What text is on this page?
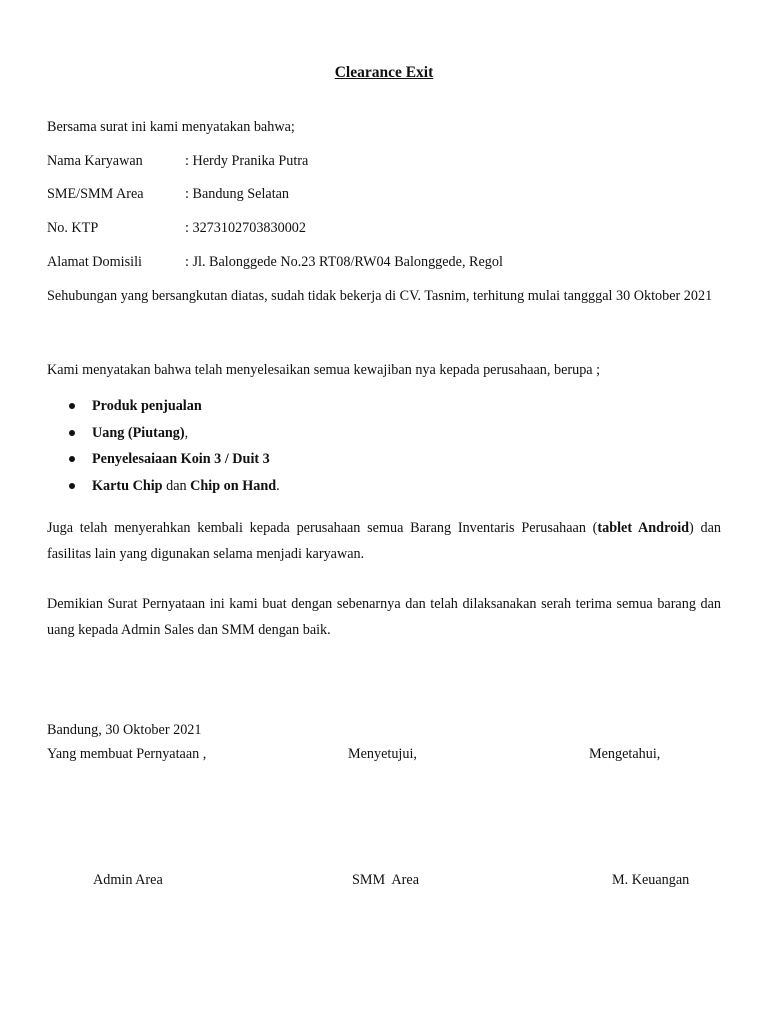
Clearance Exit
Bersama surat ini kami menyatakan bahwa;
Nama Karyawan	: Herdy Pranika Putra
SME/SMM Area	: Bandung Selatan
No. KTP	: 3273102703830002
Alamat Domisili	: Jl. Balonggede No.23 RT08/RW04 Balonggede, Regol
Sehubungan yang bersangkutan diatas, sudah tidak bekerja di CV. Tasnim, terhitung mulai tangggal 30 Oktober 2021
Kami menyatakan bahwa telah menyelesaikan semua kewajiban nya kepada perusahaan, berupa ;
Produk penjualan
Uang (Piutang),
Penyelesaiaan Koin 3 / Duit 3
Kartu Chip dan Chip on Hand.
Juga telah menyerahkan kembali kepada perusahaan semua Barang Inventaris Perusahaan (tablet Android) dan fasilitas lain yang digunakan selama menjadi karyawan.
Demikian Surat Pernyataan ini kami buat dengan sebenarnya dan telah dilaksanakan serah terima semua barang dan uang kepada Admin Sales dan SMM dengan baik.
Bandung, 30 Oktober 2021
Yang membuat Pernyataan ,	Menyetujui,	Mengetahui,
Admin Area	SMM  Area	M. Keuangan
